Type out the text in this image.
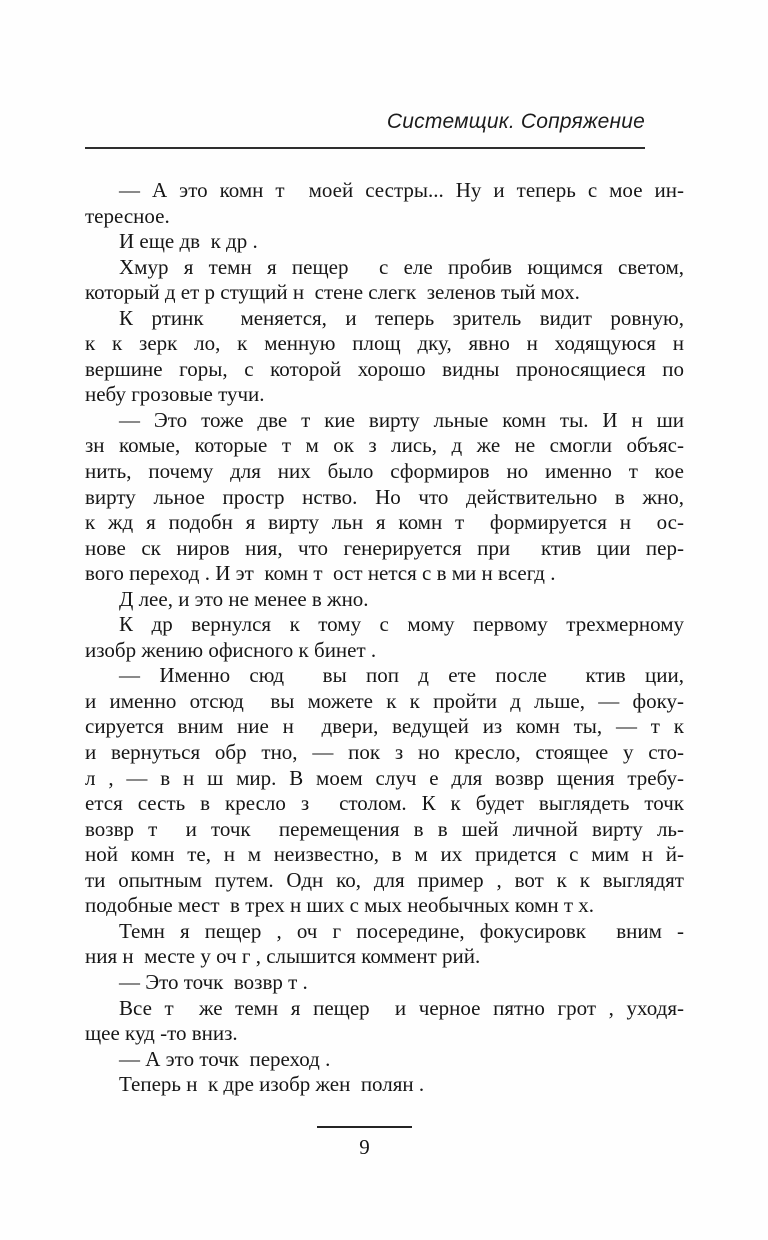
Системщик. Сопряжение
— А это комн т  моей сестры... Ну и теперь с мое ин-
тересное.
И еще дв  к др .
Хмур я темн я пещер  с еле пробив ющимся светом,
который д ет р стущий н  стене слегк  зеленов тый мох.
К ртинк  меняется, и теперь зритель видит ровную,
к к зерк ло, к менную площ дку, явно н ходящуюся н
вершине горы, с которой хорошо видны проносящиеся по
небу грозовые тучи.
— Это тоже две т кие вирту льные комн ты. И н ши
зн комые, которые т м ок з лись, д же не смогли объяс-
нить, почему для них было сформиров но именно т кое
вирту льное простр нство. Но что действительно в жно,
к жд я подобн я вирту льн я комн т  формируется н  ос-
нове ск ниров ния, что генерируется при  ктив ции пер-
вого переход . И эт  комн т  ост нется с в ми н всегд .
Д лее, и это не менее в жно.
К др вернулся к тому с мому первому трехмерному
изобр жению офисного к бинет .
— Именно сюд  вы поп д ете после  ктив ции,
и именно отсюд  вы можете к к пройти д льше, — фоку-
сируется вним ние н  двери, ведущей из комн ты, — т к
и вернуться обр тно, — пок з но кресло, стоящее у сто-
л , — в н ш мир. В моем случ е для возвр щения требу-
ется сесть в кресло з  столом. К к будет выглядеть точк
возвр т  и точк  перемещения в в шей личной вирту ль-
ной комн те, н м неизвестно, в м их придется с мим н й-
ти опытным путем. Одн ко, для пример , вот к к выглядят
подобные мест  в трех н ших с мых необычных комн т х.
Темн я пещер , оч г посередине, фокусировк  вним -
ния н  месте у оч г , слышится коммент рий.
— Это точк  возвр т .
Все т  же темн я пещер  и черное пятно грот , уходя-
щее куд -то вниз.
— А это точк  переход .
Теперь н  к дре изобр жен  полян .
9
